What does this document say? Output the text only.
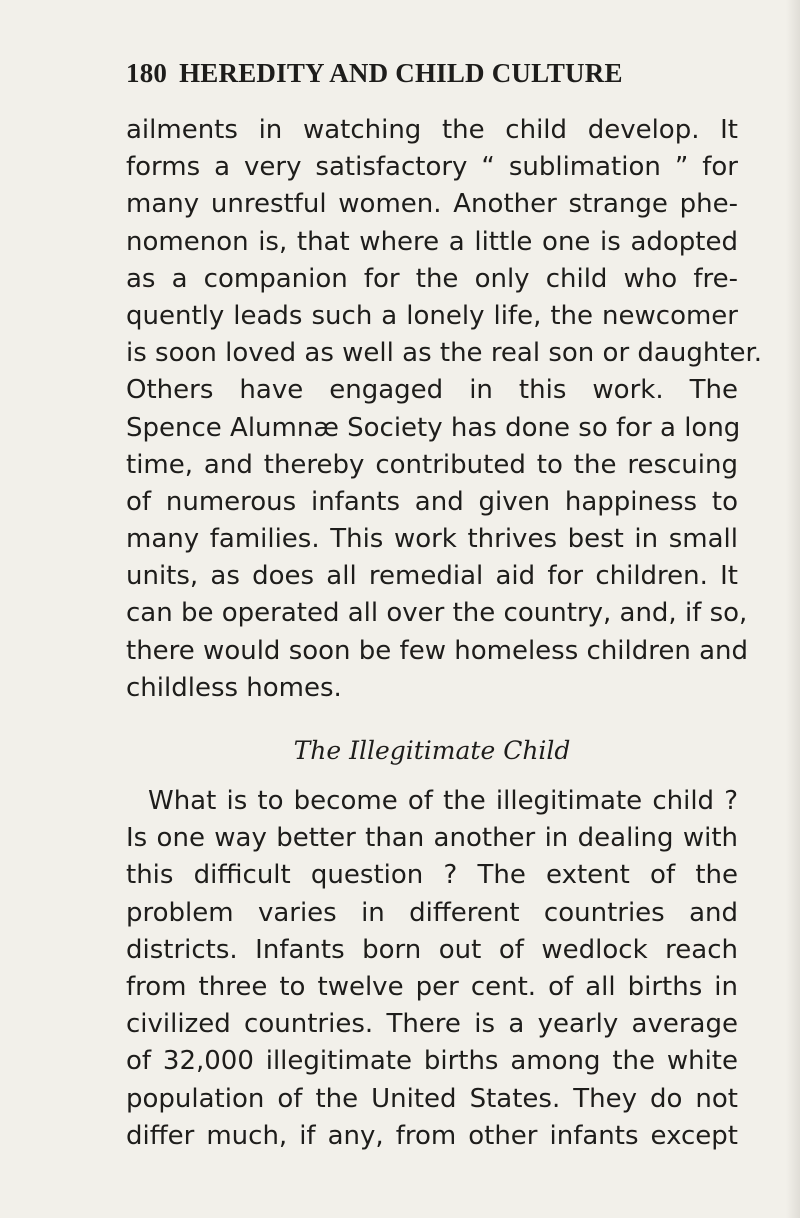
180 HEREDITY AND CHILD CULTURE
ailments in watching the child develop. It
forms a very satisfactory “ sublimation ” for
many unrestful women. Another strange phe-
nomenon is, that where a little one is adopted
as a companion for the only child who fre-
quently leads such a lonely life, the newcomer
is soon loved as well as the real son or daughter.
Others have engaged in this work. The
Spence Alumnæ Society has done so for a long
time, and thereby contributed to the rescuing
of numerous infants and given happiness to
many families. This work thrives best in small
units, as does all remedial aid for children. It
can be operated all over the country, and, if so,
there would soon be few homeless children and
childless homes.
The Illegitimate Child
What is to become of the illegitimate child ?
Is one way better than another in dealing with
this difficult question ? The extent of the
problem varies in different countries and
districts. Infants born out of wedlock reach
from three to twelve per cent. of all births in
civilized countries. There is a yearly average
of 32,000 illegitimate births among the white
population of the United States. They do not
differ much, if any, from other infants except
